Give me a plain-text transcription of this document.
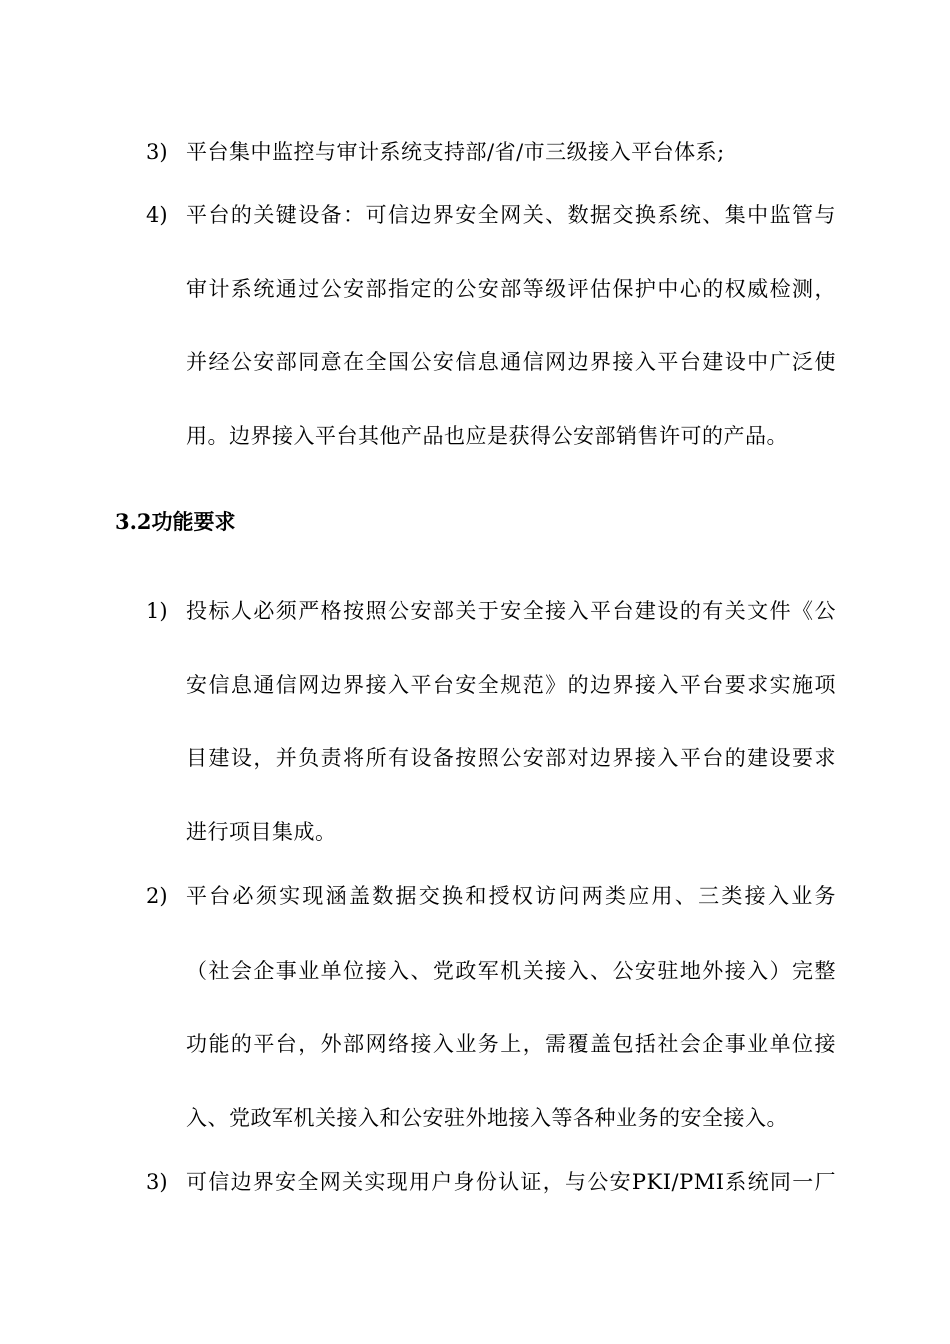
3) 平台集中监控与审计系统支持部/省/市三级接入平台体系;
4) 平台的关键设备：可信边界安全网关、数据交换系统、集中监管与
审计系统通过公安部指定的公安部等级评估保护中心的权威检测，
并经公安部同意在全国公安信息通信网边界接入平台建设中广泛使
用。边界接入平台其他产品也应是获得公安部销售许可的产品。
3.2功能要求
1) 投标人必须严格按照公安部关于安全接入平台建设的有关文件《公
安信息通信网边界接入平台安全规范》的边界接入平台要求实施项
目建设，并负责将所有设备按照公安部对边界接入平台的建设要求
进行项目集成。
2) 平台必须实现涵盖数据交换和授权访问两类应用、三类接入业务
（社会企事业单位接入、党政军机关接入、公安驻地外接入）完整
功能的平台，外部网络接入业务上，需覆盖包括社会企事业单位接
入、党政军机关接入和公安驻外地接入等各种业务的安全接入。
3) 可信边界安全网关实现用户身份认证，与公安PKI/PMI系统同一厂
